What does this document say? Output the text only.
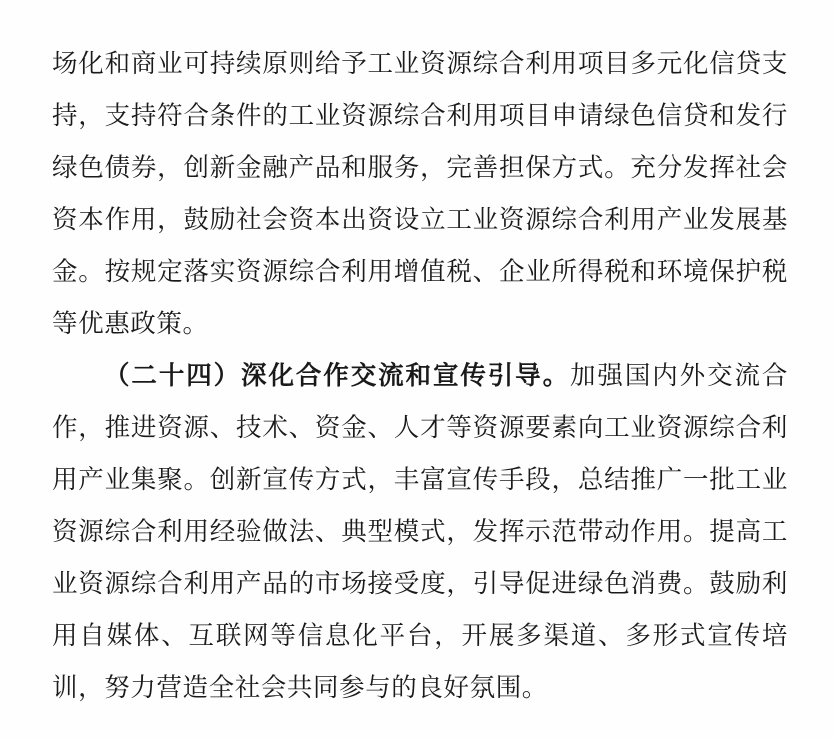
场化和商业可持续原则给予工业资源综合利用项目多元化信贷支持，支持符合条件的工业资源综合利用项目申请绿色信贷和发行绿色债券，创新金融产品和服务，完善担保方式。充分发挥社会资本作用，鼓励社会资本出资设立工业资源综合利用产业发展基金。按规定落实资源综合利用增值税、企业所得税和环境保护税等优惠政策。

（二十四）深化合作交流和宣传引导。加强国内外交流合作，推进资源、技术、资金、人才等资源要素向工业资源综合利用产业集聚。创新宣传方式，丰富宣传手段，总结推广一批工业资源综合利用经验做法、典型模式，发挥示范带动作用。提高工业资源综合利用产品的市场接受度，引导促进绿色消费。鼓励利用自媒体、互联网等信息化平台，开展多渠道、多形式宣传培训，努力营造全社会共同参与的良好氛围。
